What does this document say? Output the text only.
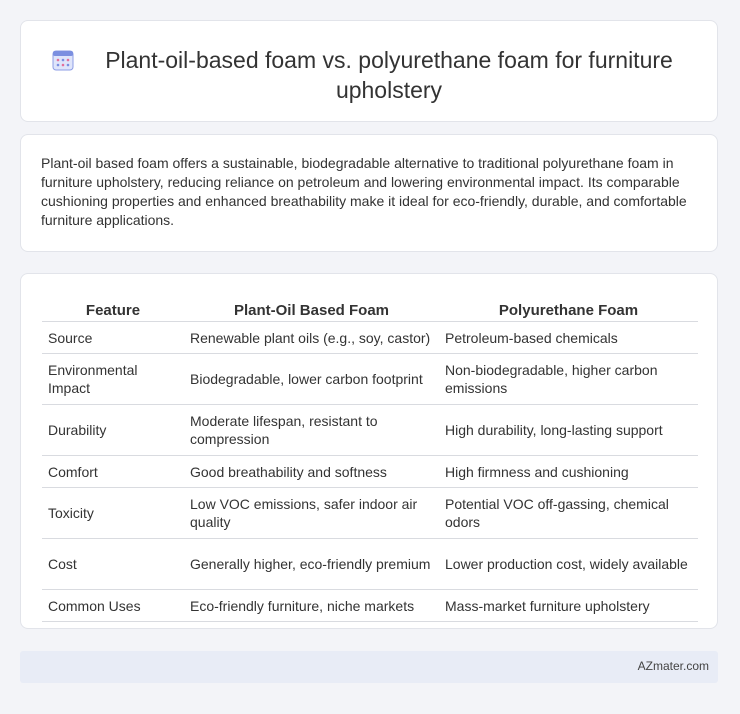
Plant-oil-based foam vs. polyurethane foam for furniture upholstery

Plant-oil based foam offers a sustainable, biodegradable alternative to traditional polyurethane foam in furniture upholstery, reducing reliance on petroleum and lowering environmental impact. Its comparable cushioning properties and enhanced breathability make it ideal for eco-friendly, durable, and comfortable furniture applications.

Feature	Plant-Oil Based Foam	Polyurethane Foam
Source	Renewable plant oils (e.g., soy, castor)	Petroleum-based chemicals
Environmental Impact	Biodegradable, lower carbon footprint	Non-biodegradable, higher carbon emissions
Durability	Moderate lifespan, resistant to compression	High durability, long-lasting support
Comfort	Good breathability and softness	High firmness and cushioning
Toxicity	Low VOC emissions, safer indoor air quality	Potential VOC off-gassing, chemical odors
Cost	Generally higher, eco-friendly premium	Lower production cost, widely available
Common Uses	Eco-friendly furniture, niche markets	Mass-market furniture upholstery
AZmater.com
